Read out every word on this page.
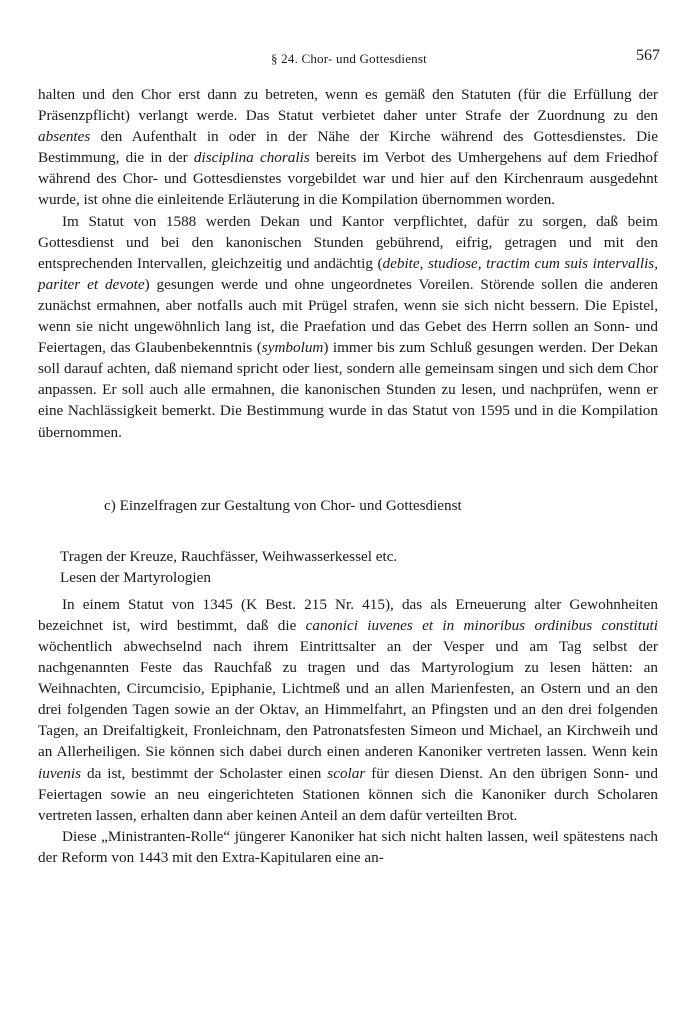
§ 24. Chor- und Gottesdienst	567

halten und den Chor erst dann zu betreten, wenn es gemäß den Statuten (für die Erfüllung der Präsenzpflicht) verlangt werde. Das Statut verbietet daher unter Strafe der Zuordnung zu den absentes den Aufenthalt in oder in der Nähe der Kirche während des Gottesdienstes. Die Bestimmung, die in der disciplina choralis bereits im Verbot des Umhergehens auf dem Friedhof während des Chor- und Gottesdienstes vorgebildet war und hier auf den Kirchenraum ausgedehnt wurde, ist ohne die einleitende Erläuterung in die Kompilation übernommen worden.

Im Statut von 1588 werden Dekan und Kantor verpflichtet, dafür zu sorgen, daß beim Gottesdienst und bei den kanonischen Stunden gebührend, eifrig, getragen und mit den entsprechenden Intervallen, gleichzeitig und andächtig (debite, studiose, tractim cum suis intervallis, pariter et devote) gesungen werde und ohne ungeordnetes Voreilen. Störende sollen die anderen zunächst ermahnen, aber notfalls auch mit Prügel strafen, wenn sie sich nicht bessern. Die Epistel, wenn sie nicht ungewöhnlich lang ist, die Praefation und das Gebet des Herrn sollen an Sonn- und Feiertagen, das Glaubenbekenntnis (symbolum) immer bis zum Schluß gesungen werden. Der Dekan soll darauf achten, daß niemand spricht oder liest, sondern alle gemeinsam singen und sich dem Chor anpassen. Er soll auch alle ermahnen, die kanonischen Stunden zu lesen, und nachprüfen, wenn er eine Nachlässigkeit bemerkt. Die Bestimmung wurde in das Statut von 1595 und in die Kompilation übernommen.

c) Einzelfragen zur Gestaltung von Chor- und Gottesdienst
Tragen der Kreuze, Rauchfässer, Weihwasserkessel etc.
Lesen der Martyrologien

In einem Statut von 1345 (K Best. 215 Nr. 415), das als Erneuerung alter Gewohnheiten bezeichnet ist, wird bestimmt, daß die canonici iuvenes et in minoribus ordinibus constituti wöchentlich abwechselnd nach ihrem Eintrittsalter an der Vesper und am Tag selbst der nachgenannten Feste das Rauchfaß zu tragen und das Martyrologium zu lesen hätten: an Weihnachten, Circumcisio, Epiphanie, Lichtmeß und an allen Marienfesten, an Ostern und an den drei folgenden Tagen sowie an der Oktav, an Himmelfahrt, an Pfingsten und an den drei folgenden Tagen, an Dreifaltigkeit, Fronleichnam, den Patronatsfesten Simeon und Michael, an Kirchweih und an Allerheiligen. Sie können sich dabei durch einen anderen Kanoniker vertreten lassen. Wenn kein iuvenis da ist, bestimmt der Scholaster einen scolar für diesen Dienst. An den übrigen Sonn- und Feiertagen sowie an neu eingerichteten Stationen können sich die Kanoniker durch Scholaren vertreten lassen, erhalten dann aber keinen Anteil an dem dafür verteilten Brot.

Diese „Ministranten-Rolle“ jüngerer Kanoniker hat sich nicht halten lassen, weil spätestens nach der Reform von 1443 mit den Extra-Kapitularen eine an-
